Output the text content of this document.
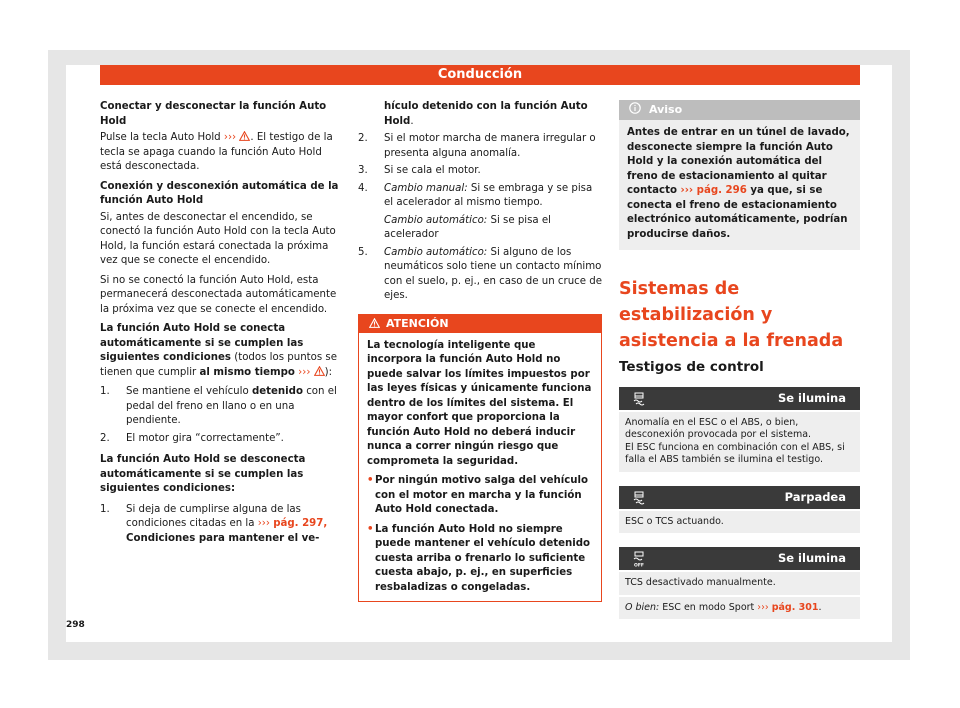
Conducción

Conectar y desconectar la función Auto Hold

Pulse la tecla Auto Hold ››› . El testigo de la tecla se apaga cuando la función Auto Hold está desconectada.

Conexión y desconexión automática de la función Auto Hold

Si, antes de desconectar el encendido, se conectó la función Auto Hold con la tecla Auto Hold, la función estará conectada la próxima vez que se conecte el encendido.

Si no se conectó la función Auto Hold, esta permanecerá desconectada automáticamente la próxima vez que se conecte el encendido.

La función Auto Hold se conecta automáticamente si se cumplen las siguientes condiciones (todos los puntos se tienen que cumplir al mismo tiempo ››› ):

1. Se mantiene el vehículo detenido con el pedal del freno en llano o en una pendiente.
2. El motor gira “correctamente”.

La función Auto Hold se desconecta automáticamente si se cumplen las siguientes condiciones:

1. Si deja de cumplirse alguna de las condiciones citadas en la ››› pág. 297, Condiciones para mantener el ve-
hículo detenido con la función Auto Hold.
2. Si el motor marcha de manera irregular o presenta alguna anomalía.
3. Si se cala el motor.
4. Cambio manual: Si se embraga y se pisa el acelerador al mismo tiempo.
Cambio automático: Si se pisa el acelerador
5. Cambio automático: Si alguno de los neumáticos solo tiene un contacto mínimo con el suelo, p. ej., en caso de un cruce de ejes.
ATENCIÓN

La tecnología inteligente que incorpora la función Auto Hold no puede salvar los límites impuestos por las leyes físicas y únicamente funciona dentro de los límites del sistema. El mayor confort que proporciona la función Auto Hold no deberá inducir nunca a correr ningún riesgo que comprometa la seguridad.

• Por ningún motivo salga del vehículo con el motor en marcha y la función Auto Hold conectada.

• La función Auto Hold no siempre puede mantener el vehículo detenido cuesta arriba o frenarlo lo suficiente cuesta abajo, p. ej., en superficies resbaladizas o congeladas.

Aviso
Antes de entrar en un túnel de lavado, desconecte siempre la función Auto Hold y la conexión automática del freno de estacionamiento al quitar contacto ››› pág. 296 ya que, si se conecta el freno de estacionamiento electrónico automáticamente, podrían producirse daños.
Sistemas de estabilización y asistencia a la frenada
Testigos de control
Se ilumina
Anomalía en el ESC o el ABS, o bien, desconexión provocada por el sistema.
El ESC funciona en combinación con el ABS, si falla el ABS también se ilumina el testigo.
Parpadea
ESC o TCS actuando.
OFF
Se ilumina
TCS desactivado manualmente.
O bien: ESC en modo Sport ››› pág. 301.
298
